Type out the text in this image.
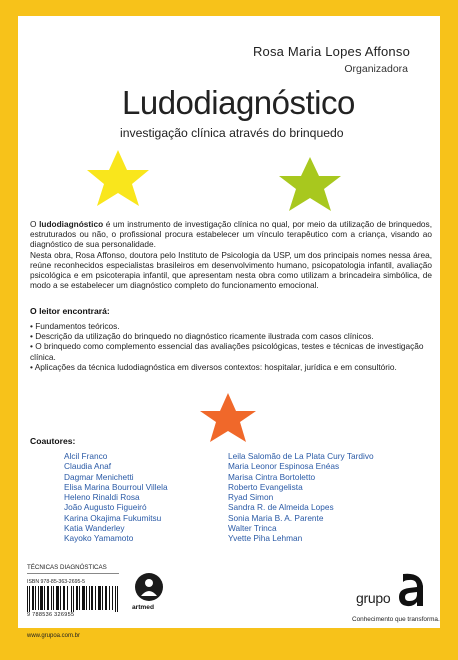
Rosa Maria Lopes Affonso
Organizadora
Ludodiagnóstico
investigação clínica através do brinquedo

O ludodiagnóstico é um instrumento de investigação clínica no qual, por meio da utilização de brinquedos, estruturados ou não, o profissional procura estabelecer um vínculo terapêutico com a criança, visando ao diagnóstico de sua personalidade.

Nesta obra, Rosa Affonso, doutora pelo Instituto de Psicologia da USP, um dos principais nomes nessa área, reúne reconhecidos especialistas brasileiros em desenvolvimento humano, psicopatologia infantil, avaliação psicológica e em psicoterapia infantil, que apresentam nesta obra como utilizam a brincadeira simbólica, de modo a se estabelecer um diagnóstico completo do funcionamento emocional.

O leitor encontrará:
• Fundamentos teóricos.
• Descrição da utilização do brinquedo no diagnóstico ricamente ilustrada com casos clínicos.
• O brinquedo como complemento essencial das avaliações psicológicas, testes e técnicas de investigação clínica.
• Aplicações da técnica ludodiagnóstica em diversos contextos: hospitalar, jurídica e em consultório.
Coautores:
Alcil Franco
Claudia Anaf
Dagmar Menichetti
Elisa Marina Bourroul Villela
Heleno Rinaldi Rosa
João Augusto Figueiró
Karina Okajima Fukumitsu
Katia Wanderley
Kayoko Yamamoto
Leila Salomão de La Plata Cury Tardivo
Maria Leonor Espinosa Enéas
Marisa Cintra Bortoletto
Roberto Evangelista
Ryad Simon
Sandra R. de Almeida Lopes
Sonia Maria B. A. Parente
Walter Trinca
Yvette Piha Lehman
TÉCNICAS DIAGNÓSTICAS
ISBN 978-85-363-2695-5
9 788536 326955
artmed
grupo
Conhecimento que transforma.
www.grupoa.com.br
